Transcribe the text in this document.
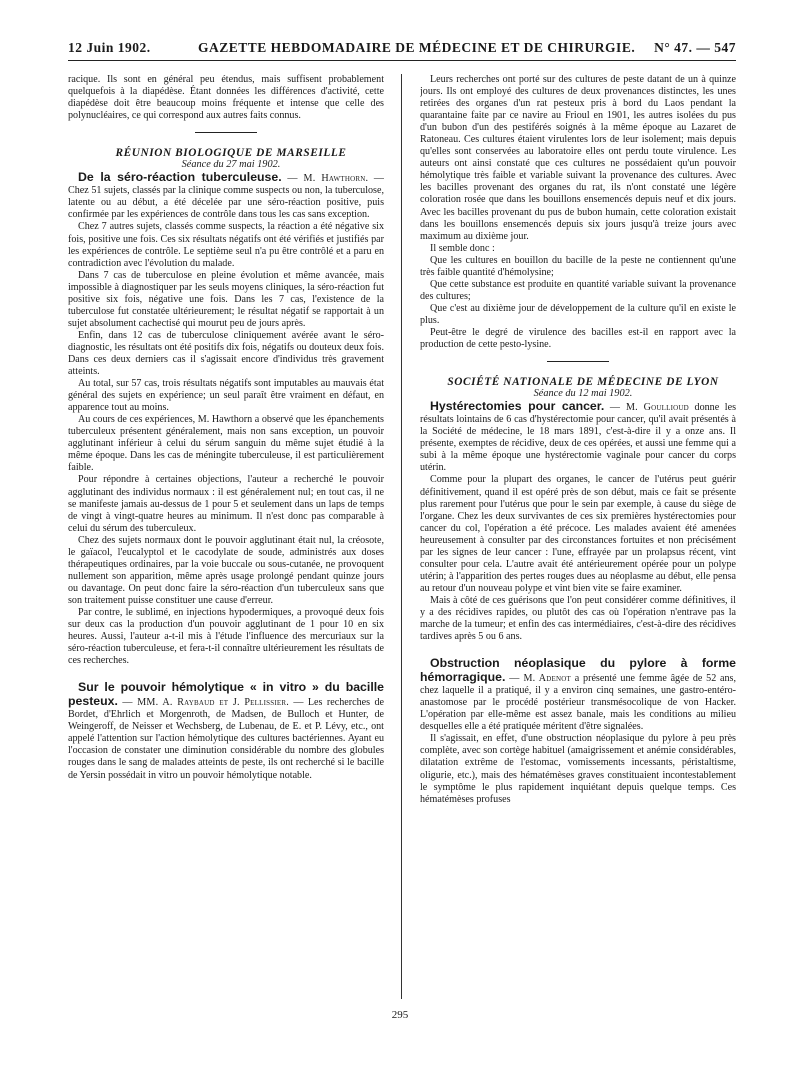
12 Juin 1902.	GAZETTE HEBDOMADAIRE DE MÉDECINE ET DE CHIRURGIE. N° 47. — 547

racique. Ils sont en général peu étendus, mais suffisent probablement quelquefois à la diapédèse. Étant données les différences d'activité, cette diapédèse doit être beaucoup moins fréquente et intense que celle des polynucléaires, ce qui correspond aux autres faits connus.

RÉUNION BIOLOGIQUE DE MARSEILLE

Séance du 27 mai 1902.

De la séro-réaction tuberculeuse. — M. Hawthorn. — Chez 51 sujets, classés par la clinique comme suspects ou non, la tuberculose, latente ou au début, a été décelée par une séro-réaction positive, puis confirmée par les expériences de contrôle dans tous les cas sans exception.

Chez 7 autres sujets, classés comme suspects, la réaction a été négative six fois, positive une fois. Ces six résultats négatifs ont été vérifiés et justifiés par les expériences de contrôle. Le septième seul n'a pu être contrôlé et a paru en contradiction avec l'évolution du malade.

Dans 7 cas de tuberculose en pleine évolution et même avancée, mais impossible à diagnostiquer par les seuls moyens cliniques, la séro-réaction fut positive six fois, négative une fois. Dans les 7 cas, l'existence de la tuberculose fut constatée ultérieurement; le résultat négatif se rapportait à un sujet absolument cachectisé qui mourut peu de jours après.

Enfin, dans 12 cas de tuberculose cliniquement avérée avant le séro-diagnostic, les résultats ont été positifs dix fois, négatifs ou douteux deux fois. Dans ces deux derniers cas il s'agissait encore d'individus très gravement atteints.

Au total, sur 57 cas, trois résultats négatifs sont imputables au mauvais état général des sujets en expérience; un seul paraît être vraiment en défaut, en apparence tout au moins.

Au cours de ces expériences, M. Hawthorn a observé que les épanchements tuberculeux présentent généralement, mais non sans exception, un pouvoir agglutinant inférieur à celui du sérum sanguin du même sujet étudié à la même époque. Dans les cas de méningite tuberculeuse, il est particulièrement faible.

Pour répondre à certaines objections, l'auteur a recherché le pouvoir agglutinant des individus normaux : il est généralement nul; en tout cas, il ne se manifeste jamais au-dessus de 1 pour 5 et seulement dans un laps de temps de vingt à vingt-quatre heures au minimum. Il n'est donc pas comparable à celui du sérum des tuberculeux.

Chez des sujets normaux dont le pouvoir agglutinant était nul, la créosote, le gaïacol, l'eucalyptol et le cacodylate de soude, administrés aux doses thérapeutiques ordinaires, par la voie buccale ou sous-cutanée, ne provoquent nullement son apparition, même après usage prolongé pendant quinze jours ou davantage. On peut donc faire la séro-réaction d'un tuberculeux sans que son traitement puisse constituer une cause d'erreur.

Par contre, le sublimé, en injections hypodermiques, a provoqué deux fois sur deux cas la production d'un pouvoir agglutinant de 1 pour 10 en six heures. Aussi, l'auteur a-t-il mis à l'étude l'influence des mercuriaux sur la séro-réaction tuberculeuse, et fera-t-il connaître ultérieurement les résultats de ces recherches.

Sur le pouvoir hémolytique « in vitro » du bacille pesteux. — MM. A. Raybaud et J. Pellissier. — Les recherches de Bordet, d'Ehrlich et Morgenroth, de Madsen, de Bulloch et Hunter, de Weingeroff, de Neisser et Wechsberg, de Lubenau, de E. et P. Lévy, etc., ont appelé l'attention sur l'action hémolytique des cultures bactériennes. Ayant eu l'occasion de constater une diminution considérable du nombre des globules rouges dans le sang de malades atteints de peste, ils ont recherché si le bacille de Yersin possédait in vitro un pouvoir hémolytique notable.

Leurs recherches ont porté sur des cultures de peste datant de un à quinze jours. Ils ont employé des cultures de deux provenances distinctes, les unes retirées des organes d'un rat pesteux pris à bord du Laos pendant la quarantaine faite par ce navire au Frioul en 1901, les autres isolées du pus d'un bubon d'un des pestiférés soignés à la même époque au Lazaret de Ratoneau. Ces cultures étaient virulentes lors de leur isolement; mais depuis qu'elles sont conservées au laboratoire elles ont perdu toute virulence. Les auteurs ont ainsi constaté que ces cultures ne possédaient qu'un pouvoir hémolytique très faible et variable suivant la provenance des cultures. Avec les bacilles provenant des organes du rat, ils n'ont constaté une légère coloration rosée que dans les bouillons ensemencés depuis neuf et dix jours. Avec les bacilles provenant du pus de bubon humain, cette coloration existait dans les bouillons ensemencés depuis six jours jusqu'à treize jours avec maximum au dixième jour.

Il semble donc :

Que les cultures en bouillon du bacille de la peste ne contiennent qu'une très faible quantité d'hémolysine;

Que cette substance est produite en quantité variable suivant la provenance des cultures;

Que c'est au dixième jour de développement de la culture qu'il en existe le plus.

Peut-être le degré de virulence des bacilles est-il en rapport avec la production de cette pesto-lysine.

SOCIÉTÉ NATIONALE DE MÉDECINE DE LYON

Séance du 12 mai 1902.

Hystérectomies pour cancer. — M. Goullioud donne les résultats lointains de 6 cas d'hystérectomie pour cancer, qu'il avait présentés à la Société de médecine, le 18 mars 1891, c'est-à-dire il y a onze ans. Il présente, exemptes de récidive, deux de ces opérées, et aussi une femme qui a subi à la même époque une hystérectomie vaginale pour cancer du corps utérin.

Comme pour la plupart des organes, le cancer de l'utérus peut guérir définitivement, quand il est opéré près de son début, mais ce fait se présente plus rarement pour l'utérus que pour le sein par exemple, à cause du siège de l'organe. Chez les deux survivantes de ces six premières hystérectomies pour cancer du col, l'opération a été précoce. Les malades avaient été amenées heureusement à consulter par des circonstances fortuites et non précisément par les signes de leur cancer : l'une, effrayée par un prolapsus récent, vint consulter pour cela. L'autre avait été antérieurement opérée pour un polype utérin; à l'apparition des pertes rouges dues au néoplasme au début, elle pensa au retour d'un nouveau polype et vint bien vite se faire examiner.

Mais à côté de ces guérisons que l'on peut considérer comme définitives, il y a des récidives rapides, ou plutôt des cas où l'opération n'entrave pas la marche de la tumeur; et enfin des cas intermédiaires, c'est-à-dire des récidives tardives après 5 ou 6 ans.

Obstruction néoplasique du pylore à forme hémorragique. — M. Adenot a présenté une femme âgée de 52 ans, chez laquelle il a pratiqué, il y a environ cinq semaines, une gastro-entéro-anastomose par le procédé postérieur transmésocolique de von Hacker. L'opération par elle-même est assez banale, mais les conditions au milieu desquelles elle a été pratiquée méritent d'être signalées.

Il s'agissait, en effet, d'une obstruction néoplasique du pylore à peu près complète, avec son cortège habituel (amaigrissement et anémie considérables, dilatation extrême de l'estomac, vomissements incessants, péristaltisme, oligurie, etc.), mais des hématémèses graves constituaient incontestablement le symptôme le plus rapidement inquiétant depuis quelque temps. Ces hématémèses profuses

295
